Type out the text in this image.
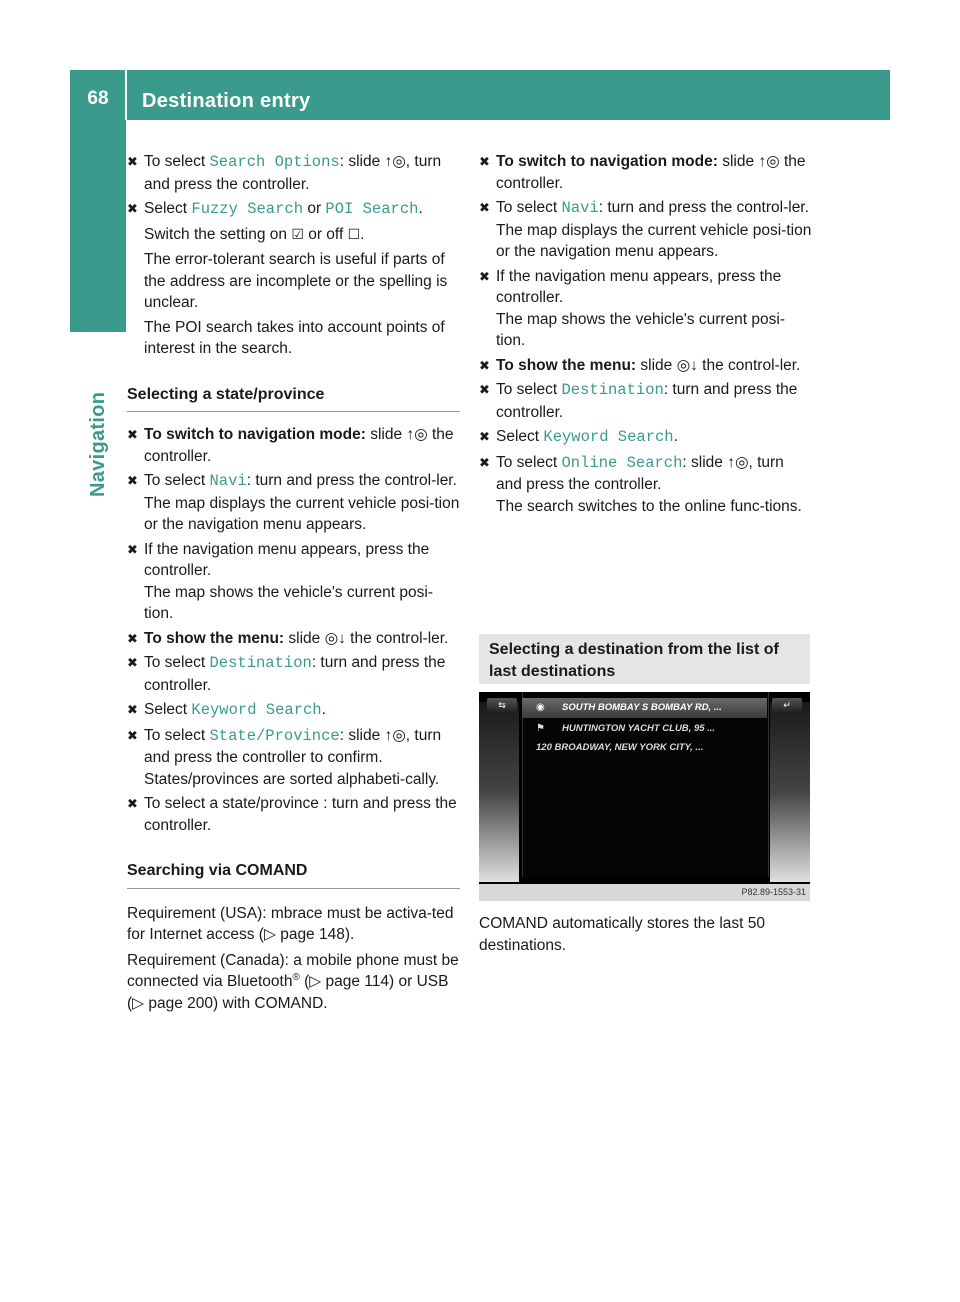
68	Destination entry
Navigation
✖ To select Search Options: slide ↑◎, turn and press the controller.
✖ Select Fuzzy Search or POI Search.
Switch the setting on ☑ or off ☐.
The error-tolerant search is useful if parts of the address are incomplete or the spelling is unclear.
The POI search takes into account points of interest in the search.
Selecting a state/province
✖ To switch to navigation mode: slide ↑◎ the controller.
✖ To select Navi: turn and press the control-ler.
The map displays the current vehicle posi-tion or the navigation menu appears.
✖ If the navigation menu appears, press the controller.
The map shows the vehicle's current posi-tion.
✖ To show the menu: slide ◎↓ the control-ler.
✖ To select Destination: turn and press the controller.
✖ Select Keyword Search.
✖ To select State/Province: slide ↑◎, turn and press the controller to confirm.
States/provinces are sorted alphabeti-cally.
✖ To select a state/province : turn and press the controller.
Searching via COMAND
Requirement (USA): mbrace must be activa-ted for Internet access (▷ page 148).
Requirement (Canada): a mobile phone must be connected via Bluetooth® (▷ page 114) or USB (▷ page 200) with COMAND.
✖ To switch to navigation mode: slide ↑◎ the controller.
✖ To select Navi: turn and press the control-ler.
The map displays the current vehicle posi-tion or the navigation menu appears.
✖ If the navigation menu appears, press the controller.
The map shows the vehicle's current posi-tion.
✖ To show the menu: slide ◎↓ the control-ler.
✖ To select Destination: turn and press the controller.
✖ Select Keyword Search.
✖ To select Online Search: slide ↑◎, turn and press the controller.
The search switches to the online func-tions.
Selecting a destination from the list of last destinations
⇆	↵
◉ SOUTH BOMBAY S BOMBAY RD, ...
⚑ HUNTINGTON YACHT CLUB, 95 ...
120 BROADWAY, NEW YORK CITY, ...
P82.89-1553-31
COMAND automatically stores the last 50 destinations.
